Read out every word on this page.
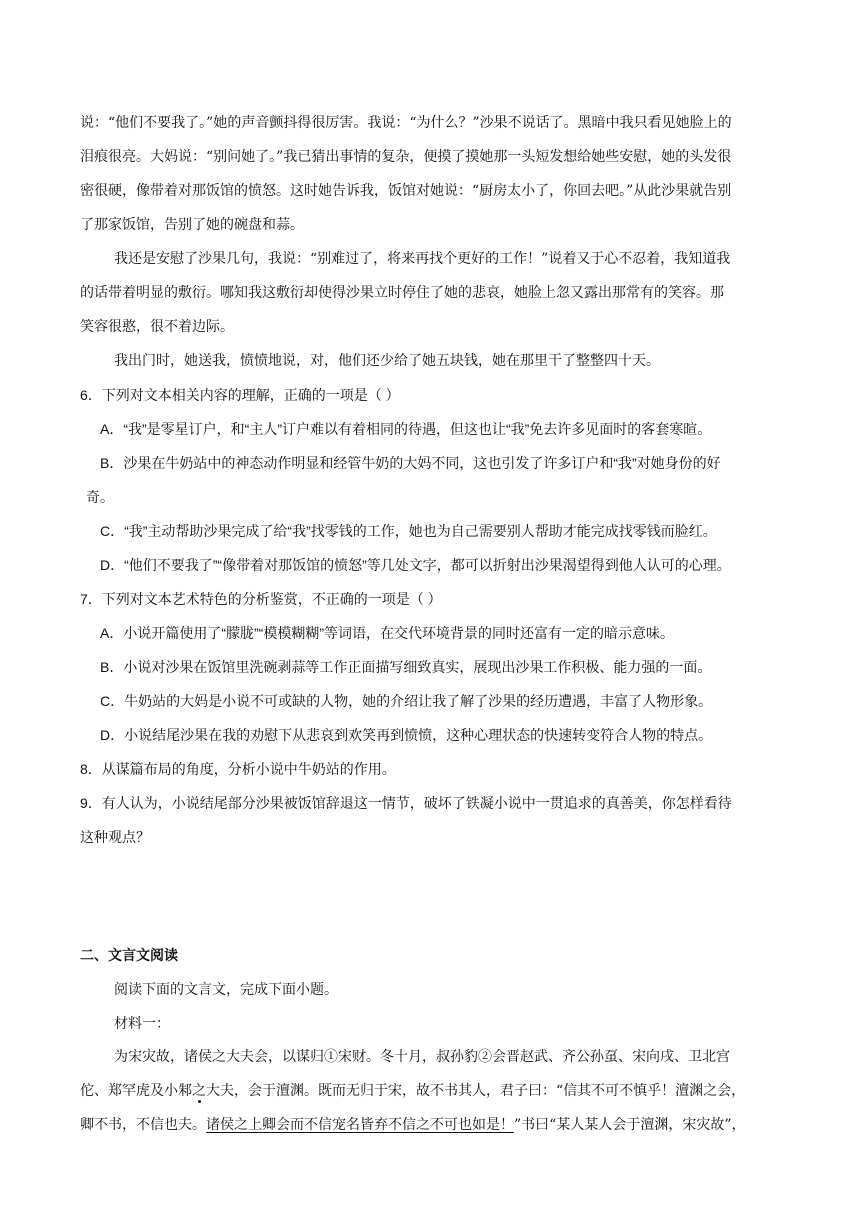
说：“他们不要我了。”她的声音颤抖得很厉害。我说：“为什么？”沙果不说话了。黑暗中我只看见她脸上的
泪痕很亮。大妈说：“别问她了。”我已猜出事情的复杂，便摸了摸她那一头短发想给她些安慰，她的头发很
密很硬，像带着对那饭馆的愤怒。这时她告诉我，饭馆对她说：“厨房太小了，你回去吧。”从此沙果就告别
了那家饭馆，告别了她的碗盘和蒜。
我还是安慰了沙果几句，我说：“别难过了，将来再找个更好的工作！”说着又于心不忍着，我知道我
的话带着明显的敷衍。哪知我这敷衍却使得沙果立时停住了她的悲哀，她脸上忽又露出那常有的笑容。那
笑容很憨，很不着边际。
我出门时，她送我，愤愤地说，对，他们还少给了她五块钱，她在那里干了整整四十天。
6．下列对文本相关内容的理解，正确的一项是（ ）
A．“我”是零星订户，和“主人”订户难以有着相同的待遇，但这也让“我”免去许多见面时的客套寒暄。
B．沙果在牛奶站中的神态动作明显和经管牛奶的大妈不同，这也引发了许多订户和“我”对她身份的好
奇。
C．“我”主动帮助沙果完成了给“我”找零钱的工作，她也为自己需要别人帮助才能完成找零钱而脸红。
D．“他们不要我了”“像带着对那饭馆的愤怒”等几处文字，都可以折射出沙果渴望得到他人认可的心理。
7．下列对文本艺术特色的分析鉴赏，不正确的一项是（ ）
A．小说开篇使用了“朦胧”“模模糊糊”等词语，在交代环境背景的同时还富有一定的暗示意味。
B．小说对沙果在饭馆里洗碗剥蒜等工作正面描写细致真实，展现出沙果工作积极、能力强的一面。
C．牛奶站的大妈是小说不可或缺的人物，她的介绍让我了解了沙果的经历遭遇，丰富了人物形象。
D．小说结尾沙果在我的劝慰下从悲哀到欢笑再到愤愤，这种心理状态的快速转变符合人物的特点。
8．从谋篇布局的角度，分析小说中牛奶站的作用。
9．有人认为，小说结尾部分沙果被饭馆辞退这一情节，破坏了铁凝小说中一贯追求的真善美，你怎样看待
这种观点？
二、文言文阅读
阅读下面的文言文，完成下面小题。
材料一：
为宋灾故，诸侯之大夫会，以谋归①宋财。冬十月，叔孙豹②会晋赵武、齐公孙虿、宋向戌、卫北宫
佗、郑罕虎及小邾之大夫，会于澶渊。既而无归于宋，故不书其人，君子曰：“信其不可不慎乎！澶渊之会，
卿不书，不信也夫。诸侯之上卿会而不信宠名皆弃不信之不可也如是！”书曰“某人某人会于澶渊，宋灾故”，
